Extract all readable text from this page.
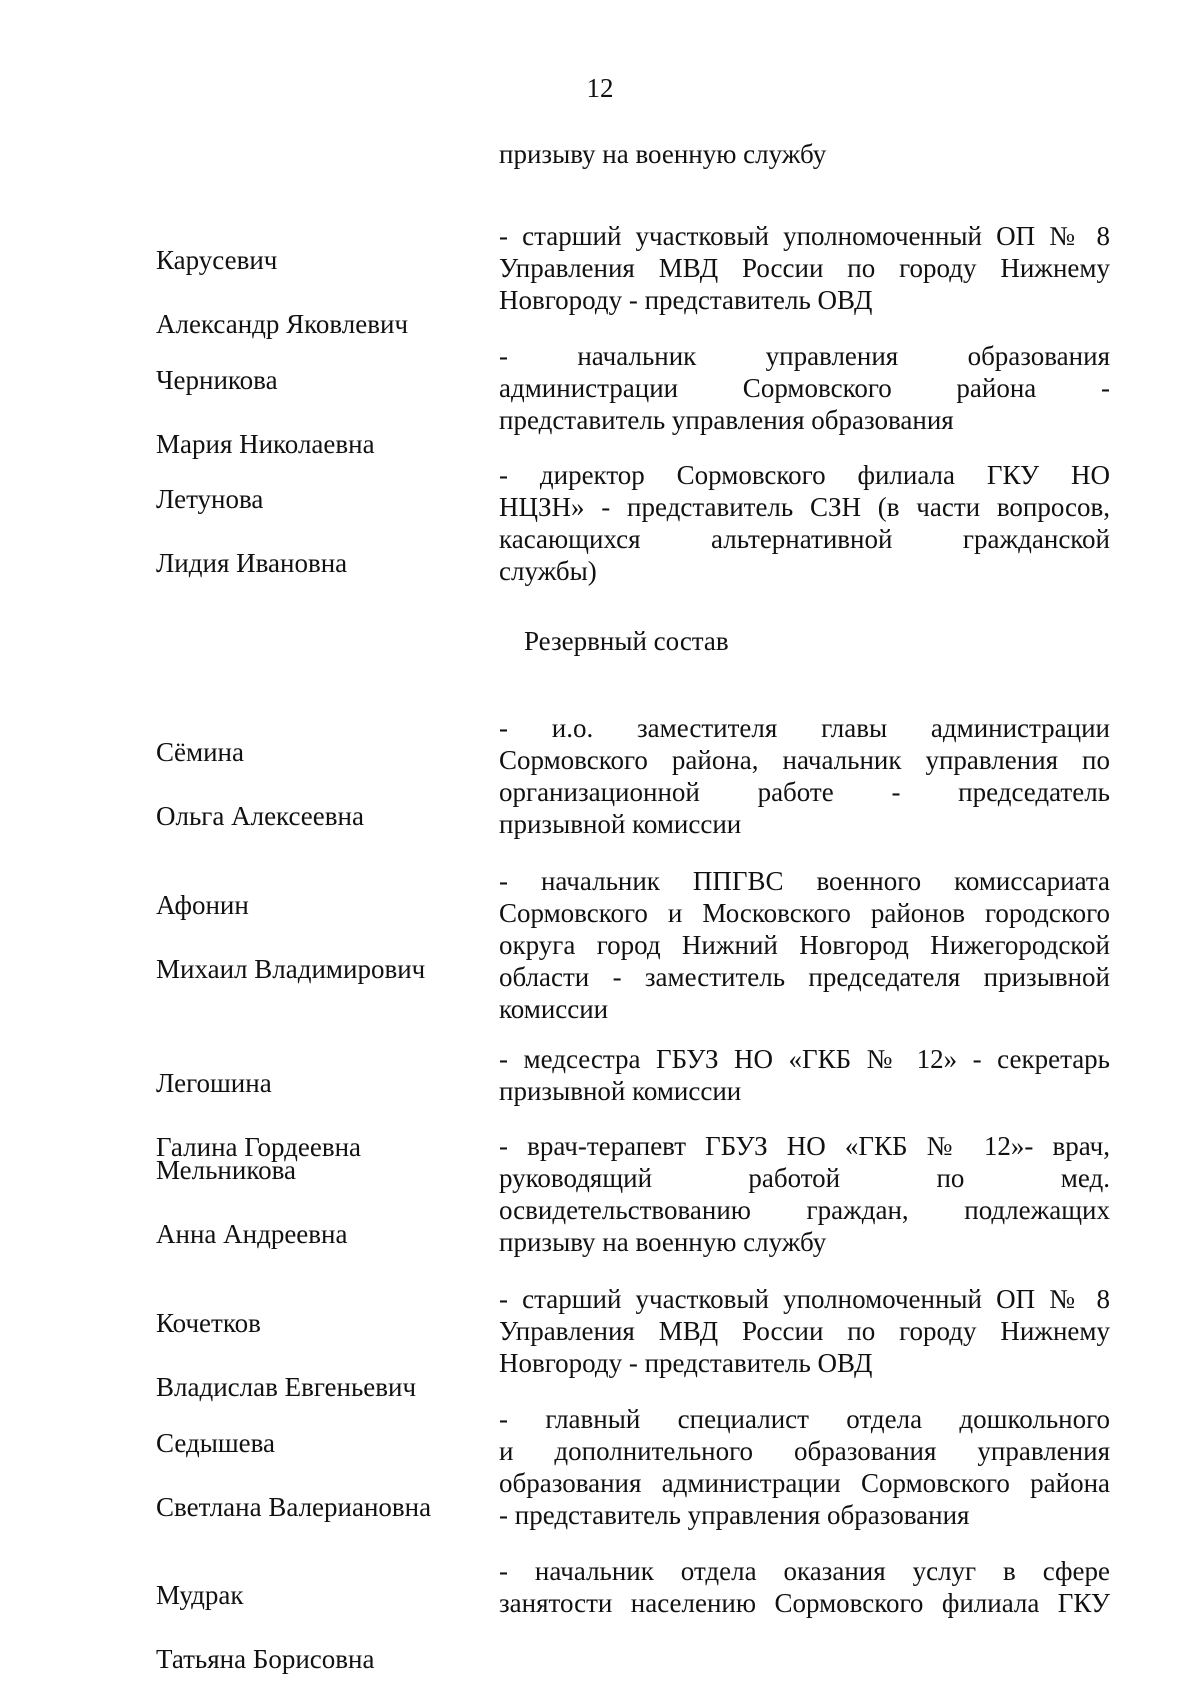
12
призыву на военную службу

Карусевич

Александр Яковлевич

- старший участковый уполномоченный ОП № 8
Управления МВД России по городу Нижнему
Новгороду - представитель ОВД

Черникова

Мария Николаевна

- начальник управления образования
администрации Сормовского района -
представитель управления образования

Летунова

Лидия Ивановна

- директор Сормовского филиала ГКУ НО
НЦЗН» - представитель СЗН (в части вопросов,
касающихся альтернативной гражданской
службы)
Резервный состав

Сёмина

Ольга Алексеевна

- и.о. заместителя главы администрации
Сормовского района, начальник управления по
организационной работе - председатель
призывной комиссии

Афонин

Михаил Владимирович

- начальник ППГВС военного комиссариата
Сормовского и Московского районов городского
округа город Нижний Новгород Нижегородской
области - заместитель председателя призывной
комиссии

Легошина

Галина Гордеевна

- медсестра ГБУЗ НО «ГКБ № 12» - секретарь
призывной комиссии

Мельникова

Анна Андреевна

- врач-терапевт ГБУЗ НО «ГКБ № 12»- врач,
руководящий работой по мед.
освидетельствованию граждан, подлежащих
призыву на военную службу

Кочетков

Владислав Евгеньевич

- старший участковый уполномоченный ОП № 8
Управления МВД России по городу Нижнему
Новгороду - представитель ОВД

Седышева

Светлана Валериановна

- главный специалист отдела дошкольного
и дополнительного образования управления
образования администрации Сормовского района
- представитель управления образования

Мудрак

Татьяна Борисовна

- начальник отдела оказания услуг в сфере
занятости населению Сормовского филиала ГКУ
